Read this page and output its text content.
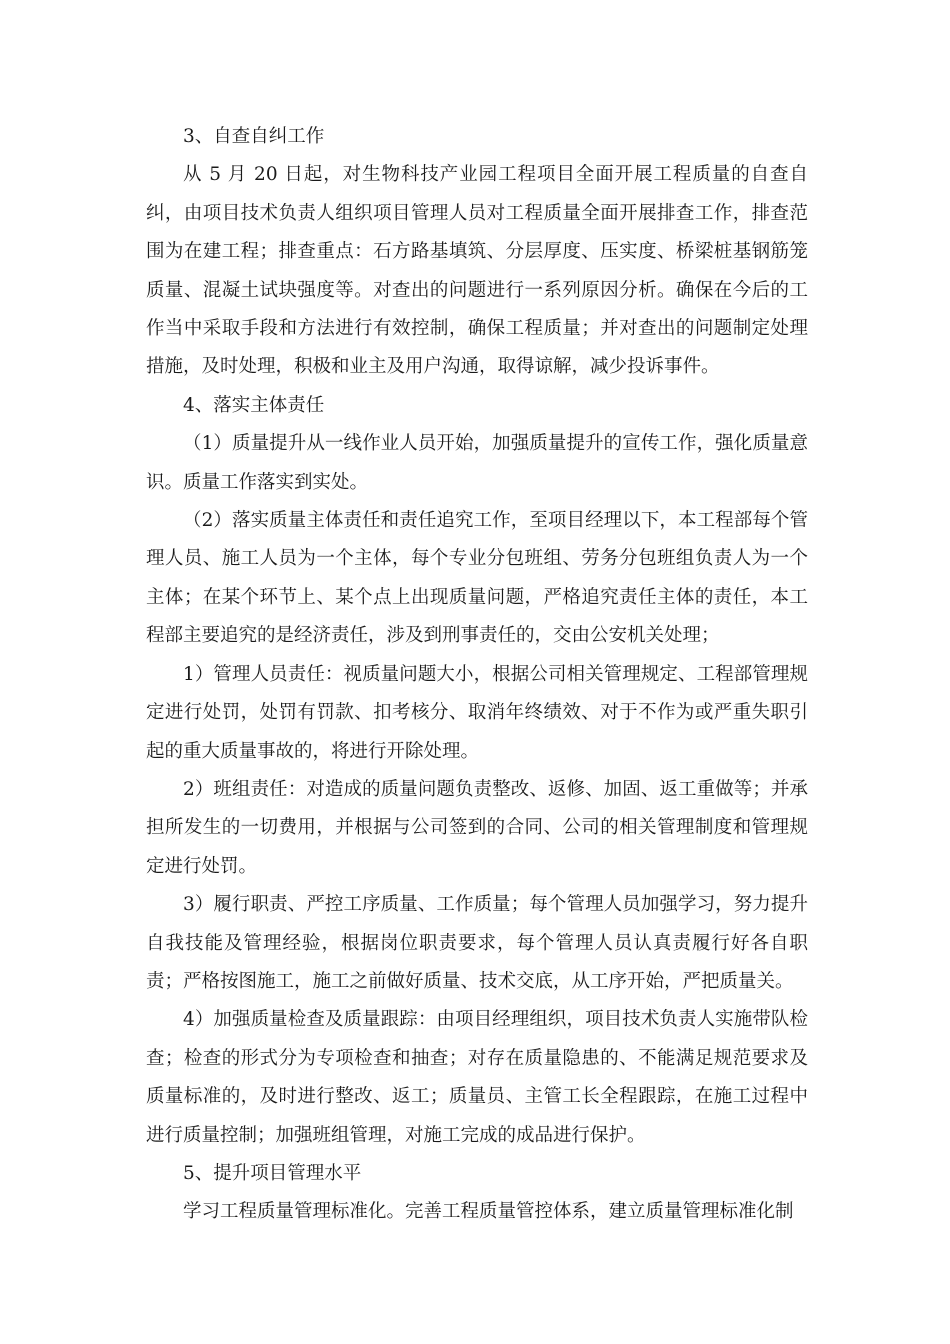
3、自查自纠工作

从 5 月 20 日起，对生物科技产业园工程项目全面开展工程质量的自查自纠，由项目技术负责人组织项目管理人员对工程质量全面开展排查工作，排查范围为在建工程；排查重点：石方路基填筑、分层厚度、压实度、桥梁桩基钢筋笼质量、混凝土试块强度等。对查出的问题进行一系列原因分析。确保在今后的工作当中采取手段和方法进行有效控制，确保工程质量；并对查出的问题制定处理措施，及时处理，积极和业主及用户沟通，取得谅解，减少投诉事件。

4、落实主体责任

（1）质量提升从一线作业人员开始，加强质量提升的宣传工作，强化质量意识。质量工作落实到实处。

（2）落实质量主体责任和责任追究工作，至项目经理以下，本工程部每个管理人员、施工人员为一个主体，每个专业分包班组、劳务分包班组负责人为一个主体；在某个环节上、某个点上出现质量问题，严格追究责任主体的责任，本工程部主要追究的是经济责任，涉及到刑事责任的，交由公安机关处理；

1）管理人员责任：视质量问题大小，根据公司相关管理规定、工程部管理规定进行处罚，处罚有罚款、扣考核分、取消年终绩效、对于不作为或严重失职引起的重大质量事故的，将进行开除处理。

2）班组责任：对造成的质量问题负责整改、返修、加固、返工重做等；并承担所发生的一切费用，并根据与公司签到的合同、公司的相关管理制度和管理规定进行处罚。

3）履行职责、严控工序质量、工作质量；每个管理人员加强学习，努力提升自我技能及管理经验，根据岗位职责要求，每个管理人员认真责履行好各自职责；严格按图施工，施工之前做好质量、技术交底，从工序开始，严把质量关。

4）加强质量检查及质量跟踪：由项目经理组织，项目技术负责人实施带队检查；检查的形式分为专项检查和抽查；对存在质量隐患的、不能满足规范要求及质量标准的，及时进行整改、返工；质量员、主管工长全程跟踪，在施工过程中进行质量控制；加强班组管理，对施工完成的成品进行保护。

5、提升项目管理水平

学习工程质量管理标准化。完善工程质量管控体系，建立质量管理标准化制
